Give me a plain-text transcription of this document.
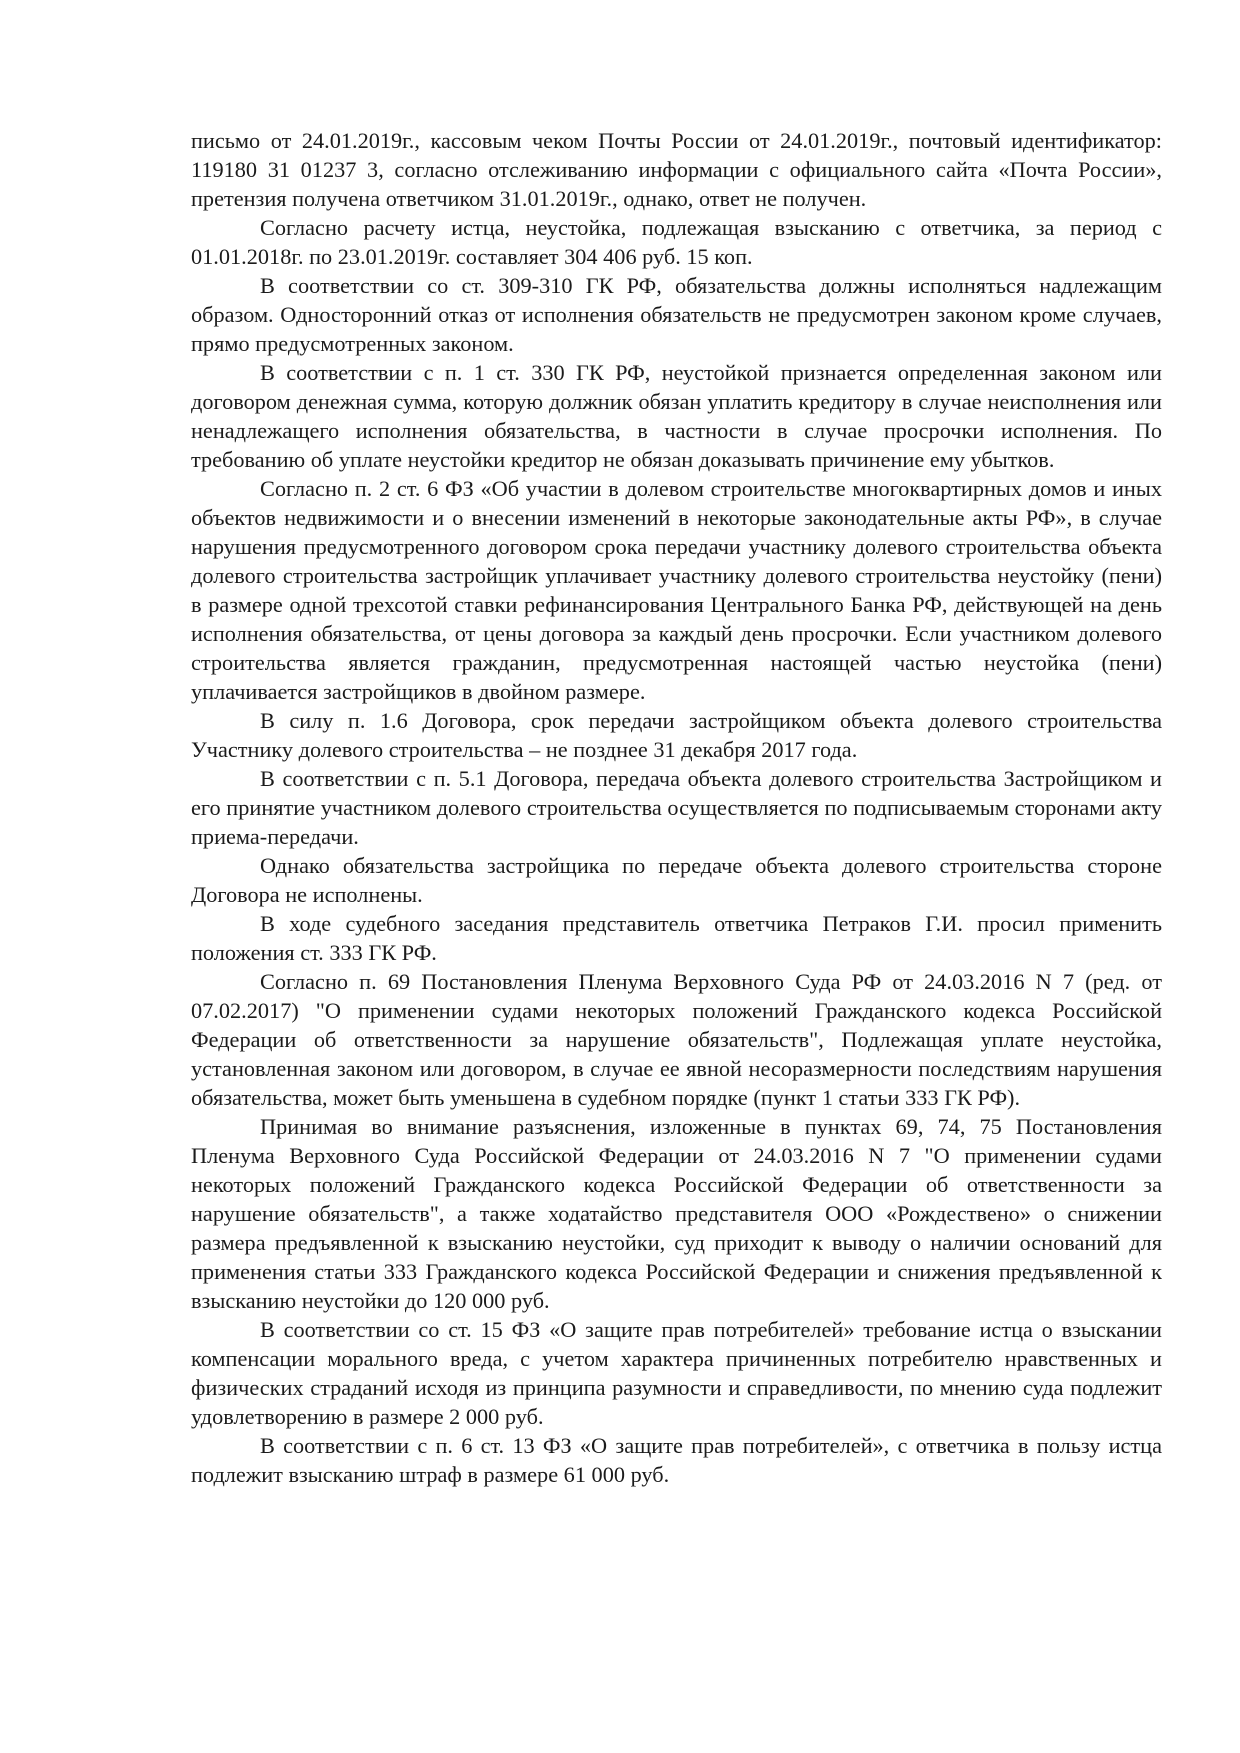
письмо от 24.01.2019г., кассовым чеком Почты России от 24.01.2019г., почтовый идентификатор: 119180 31 01237 3, согласно отслеживанию информации с официального сайта «Почта России», претензия получена ответчиком 31.01.2019г., однако, ответ не получен.

Согласно расчету истца, неустойка, подлежащая взысканию с ответчика, за период с 01.01.2018г. по 23.01.2019г. составляет 304 406 руб. 15 коп.

В соответствии со ст. 309-310 ГК РФ, обязательства должны исполняться надлежащим образом. Односторонний отказ от исполнения обязательств не предусмотрен законом кроме случаев, прямо предусмотренных законом.

В соответствии с п. 1 ст. 330 ГК РФ, неустойкой признается определенная законом или договором денежная сумма, которую должник обязан уплатить кредитору в случае неисполнения или ненадлежащего исполнения обязательства, в частности в случае просрочки исполнения. По требованию об уплате неустойки кредитор не обязан доказывать причинение ему убытков.

Согласно п. 2 ст. 6 ФЗ «Об участии в долевом строительстве многоквартирных домов и иных объектов недвижимости и о внесении изменений в некоторые законодательные акты РФ», в случае нарушения предусмотренного договором срока передачи участнику долевого строительства объекта долевого строительства застройщик уплачивает участнику долевого строительства неустойку (пени) в размере одной трехсотой ставки рефинансирования Центрального Банка РФ, действующей на день исполнения обязательства, от цены договора за каждый день просрочки. Если участником долевого строительства является гражданин, предусмотренная настоящей частью неустойка (пени) уплачивается застройщиков в двойном размере.

В силу п. 1.6 Договора, срок передачи застройщиком объекта долевого строительства Участнику долевого строительства – не позднее 31 декабря 2017 года.

В соответствии с п. 5.1 Договора, передача объекта долевого строительства Застройщиком и его принятие участником долевого строительства осуществляется по подписываемым сторонами акту приема-передачи.

Однако обязательства застройщика по передаче объекта долевого строительства стороне Договора не исполнены.

В ходе судебного заседания представитель ответчика Петраков Г.И. просил применить положения ст. 333 ГК РФ.

Согласно п. 69 Постановления Пленума Верховного Суда РФ от 24.03.2016 N 7 (ред. от 07.02.2017) "О применении судами некоторых положений Гражданского кодекса Российской Федерации об ответственности за нарушение обязательств", Подлежащая уплате неустойка, установленная законом или договором, в случае ее явной несоразмерности последствиям нарушения обязательства, может быть уменьшена в судебном порядке (пункт 1 статьи 333 ГК РФ).

Принимая во внимание разъяснения, изложенные в пунктах 69, 74, 75 Постановления Пленума Верховного Суда Российской Федерации от 24.03.2016 N 7 "О применении судами некоторых положений Гражданского кодекса Российской Федерации об ответственности за нарушение обязательств", а также ходатайство представителя ООО «Рождествено» о снижении размера предъявленной к взысканию неустойки, суд приходит к выводу о наличии оснований для применения статьи 333 Гражданского кодекса Российской Федерации и снижения предъявленной к взысканию неустойки до 120 000 руб.

В соответствии со ст. 15 ФЗ «О защите прав потребителей» требование истца о взыскании компенсации морального вреда, с учетом характера причиненных потребителю нравственных и физических страданий исходя из принципа разумности и справедливости, по мнению суда подлежит удовлетворению в размере 2 000 руб.

В соответствии с п. 6 ст. 13 ФЗ «О защите прав потребителей», с ответчика в пользу истца подлежит взысканию штраф в размере 61 000 руб.
